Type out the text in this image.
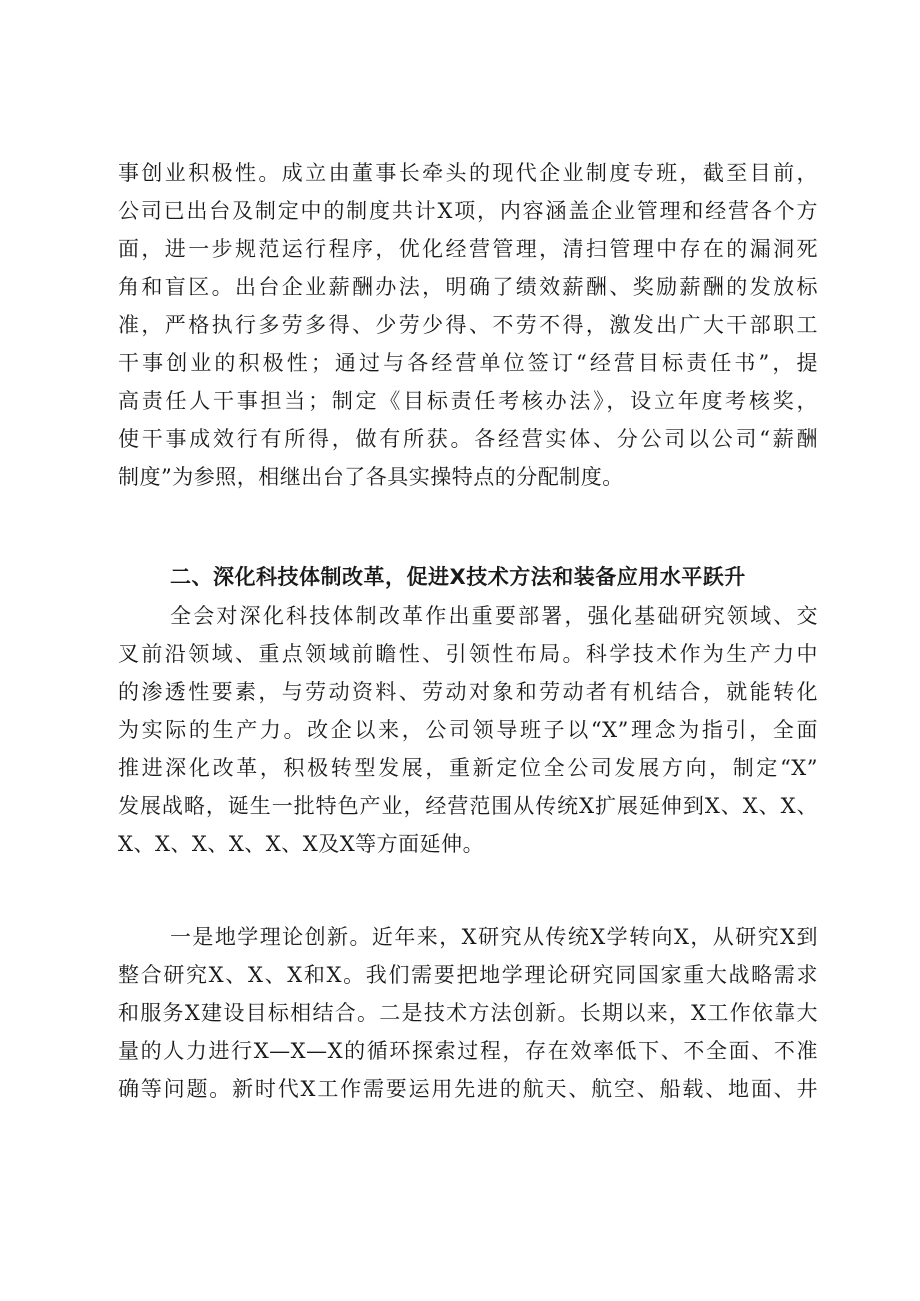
事创业积极性。成立由董事长牵头的现代企业制度专班，截至目前，
公司已出台及制定中的制度共计X项，内容涵盖企业管理和经营各个方
面，进一步规范运行程序，优化经营管理，清扫管理中存在的漏洞死
角和盲区。出台企业薪酬办法，明确了绩效薪酬、奖励薪酬的发放标
准，严格执行多劳多得、少劳少得、不劳不得，激发出广大干部职工
干事创业的积极性；通过与各经营单位签订“经营目标责任书”，提
高责任人干事担当；制定《目标责任考核办法》，设立年度考核奖，
使干事成效行有所得，做有所获。各经营实体、分公司以公司“薪酬
制度”为参照，相继出台了各具实操特点的分配制度。
二、深化科技体制改革，促进X技术方法和装备应用水平跃升
全会对深化科技体制改革作出重要部署，强化基础研究领域、交
叉前沿领域、重点领域前瞻性、引领性布局。科学技术作为生产力中
的渗透性要素，与劳动资料、劳动对象和劳动者有机结合，就能转化
为实际的生产力。改企以来，公司领导班子以“X”理念为指引，全面
推进深化改革，积极转型发展，重新定位全公司发展方向，制定“X”
发展战略，诞生一批特色产业，经营范围从传统X扩展延伸到X、X、X、
X、X、X、X、X、X及X等方面延伸。
一是地学理论创新。近年来，X研究从传统X学转向X，从研究X到
整合研究X、X、X和X。我们需要把地学理论研究同国家重大战略需求
和服务X建设目标相结合。二是技术方法创新。长期以来，X工作依靠大
量的人力进行X—X—X的循环探索过程，存在效率低下、不全面、不准
确等问题。新时代X工作需要运用先进的航天、航空、船载、地面、井
